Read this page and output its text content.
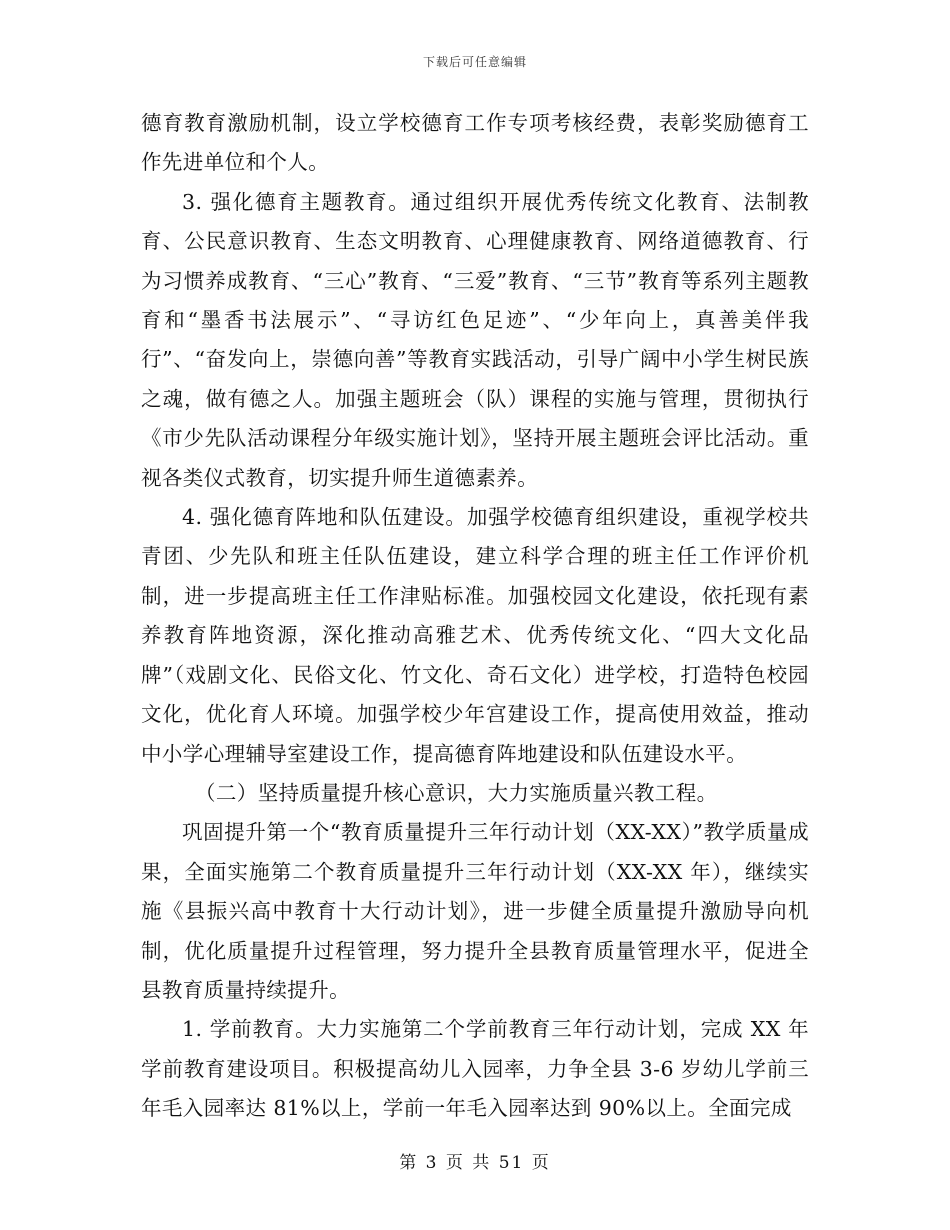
下载后可任意编辑

德育教育激励机制，设立学校德育工作专项考核经费，表彰奖励德育工作先进单位和个人。

3. 强化德育主题教育。通过组织开展优秀传统文化教育、法制教育、公民意识教育、生态文明教育、心理健康教育、网络道德教育、行为习惯养成教育、“三心”教育、“三爱”教育、“三节”教育等系列主题教育和“墨香书法展示”、“寻访红色足迹”、“少年向上，真善美伴我行”、“奋发向上，崇德向善”等教育实践活动，引导广阔中小学生树民族之魂，做有德之人。加强主题班会（队）课程的实施与管理，贯彻执行《市少先队活动课程分年级实施计划》，坚持开展主题班会评比活动。重视各类仪式教育，切实提升师生道德素养。

4. 强化德育阵地和队伍建设。加强学校德育组织建设，重视学校共青团、少先队和班主任队伍建设，建立科学合理的班主任工作评价机制，进一步提高班主任工作津贴标准。加强校园文化建设，依托现有素养教育阵地资源，深化推动高雅艺术、优秀传统文化、“四大文化品牌”（戏剧文化、民俗文化、竹文化、奇石文化）进学校，打造特色校园文化，优化育人环境。加强学校少年宫建设工作，提高使用效益，推动中小学心理辅导室建设工作，提高德育阵地建设和队伍建设水平。

（二）坚持质量提升核心意识，大力实施质量兴教工程。

巩固提升第一个“教育质量提升三年行动计划（XX-XX）”教学质量成果，全面实施第二个教育质量提升三年行动计划（XX-XX 年），继续实施《县振兴高中教育十大行动计划》，进一步健全质量提升激励导向机制，优化质量提升过程管理，努力提升全县教育质量管理水平，促进全县教育质量持续提升。

1. 学前教育。大力实施第二个学前教育三年行动计划，完成 XX 年学前教育建设项目。积极提高幼儿入园率，力争全县 3-6 岁幼儿学前三年毛入园率达 81%以上，学前一年毛入园率达到 90%以上。全面完成

第 3 页 共 51 页
